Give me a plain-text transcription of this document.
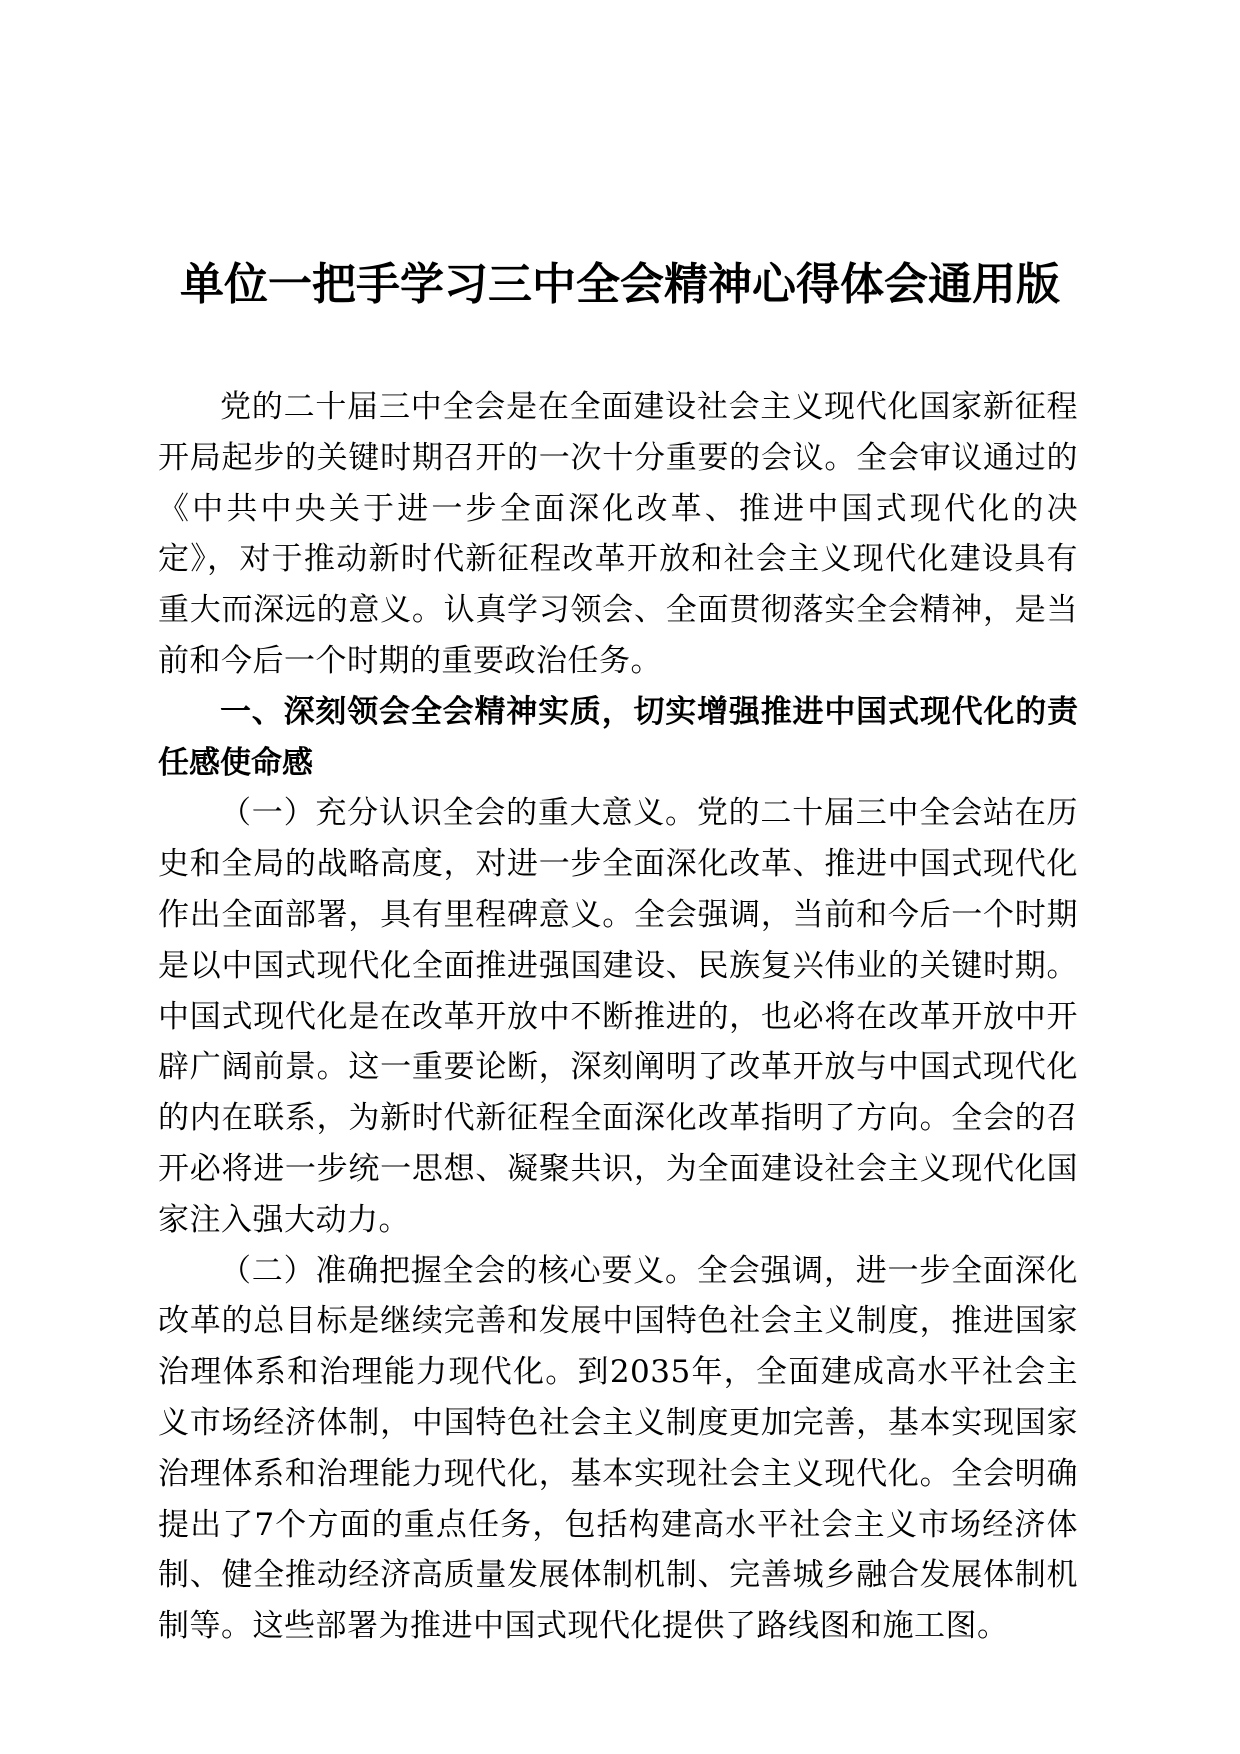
单位一把手学习三中全会精神心得体会通用版

党的二十届三中全会是在全面建设社会主义现代化国家新征程开局起步的关键时期召开的一次十分重要的会议。全会审议通过的《中共中央关于进一步全面深化改革、推进中国式现代化的决定》，对于推动新时代新征程改革开放和社会主义现代化建设具有重大而深远的意义。认真学习领会、全面贯彻落实全会精神，是当前和今后一个时期的重要政治任务。

一、深刻领会全会精神实质，切实增强推进中国式现代化的责任感使命感

（一）充分认识全会的重大意义。党的二十届三中全会站在历史和全局的战略高度，对进一步全面深化改革、推进中国式现代化作出全面部署，具有里程碑意义。全会强调，当前和今后一个时期是以中国式现代化全面推进强国建设、民族复兴伟业的关键时期。中国式现代化是在改革开放中不断推进的，也必将在改革开放中开辟广阔前景。这一重要论断，深刻阐明了改革开放与中国式现代化的内在联系，为新时代新征程全面深化改革指明了方向。全会的召开必将进一步统一思想、凝聚共识，为全面建设社会主义现代化国家注入强大动力。

（二）准确把握全会的核心要义。全会强调，进一步全面深化改革的总目标是继续完善和发展中国特色社会主义制度，推进国家治理体系和治理能力现代化。到2035年，全面建成高水平社会主义市场经济体制，中国特色社会主义制度更加完善，基本实现国家治理体系和治理能力现代化，基本实现社会主义现代化。全会明确提出了7个方面的重点任务，包括构建高水平社会主义市场经济体制、健全推动经济高质量发展体制机制、完善城乡融合发展体制机制等。这些部署为推进中国式现代化提供了路线图和施工图。
